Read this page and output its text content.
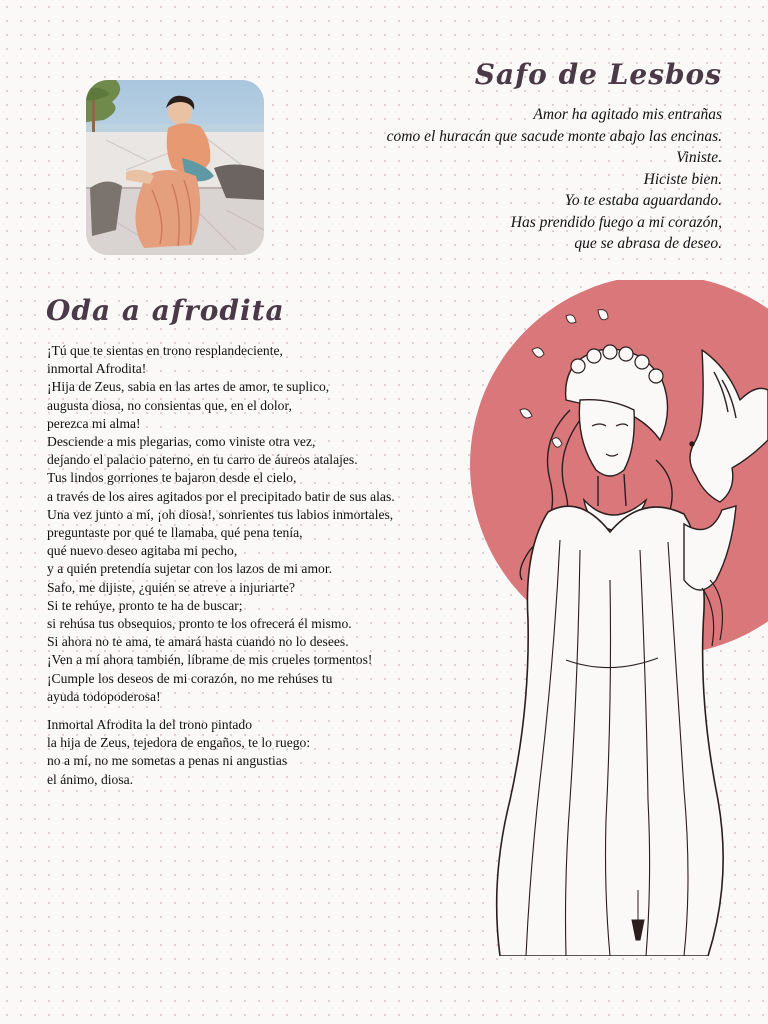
Safo de Lesbos
Amor ha agitado mis entrañas
como el huracán que sacude monte abajo las encinas.
Viniste.
Hiciste bien.
Yo te estaba aguardando.
Has prendido fuego a mi corazón,
que se abrasa de deseo.
Oda a afrodita
¡Tú que te sientas en trono resplandeciente,
inmortal Afrodita!
¡Hija de Zeus, sabia en las artes de amor, te suplico,
augusta diosa, no consientas que, en el dolor,
perezca mi alma!
Desciende a mis plegarias, como viniste otra vez,
dejando el palacio paterno, en tu carro de áureos atalajes.
Tus lindos gorriones te bajaron desde el cielo,
a través de los aires agitados por el precipitado batir de sus alas.
Una vez junto a mí, ¡oh diosa!, sonrientes tus labios inmortales,
preguntaste por qué te llamaba, qué pena tenía,
qué nuevo deseo agitaba mi pecho,
y a quién pretendía sujetar con los lazos de mi amor.
Safo, me dijiste, ¿quién se atreve a injuriarte?
Si te rehúye, pronto te ha de buscar;
si rehúsa tus obsequios, pronto te los ofrecerá él mismo.
Si ahora no te ama, te amará hasta cuando no lo desees.
¡Ven a mí ahora también, líbrame de mis crueles tormentos!
¡Cumple los deseos de mi corazón, no me rehúses tu
ayuda todopoderosa!
Inmortal Afrodita la del trono pintado
la hija de Zeus, tejedora de engaños, te lo ruego:
no a mí, no me sometas a penas ni angustias
el ánimo, diosa.
